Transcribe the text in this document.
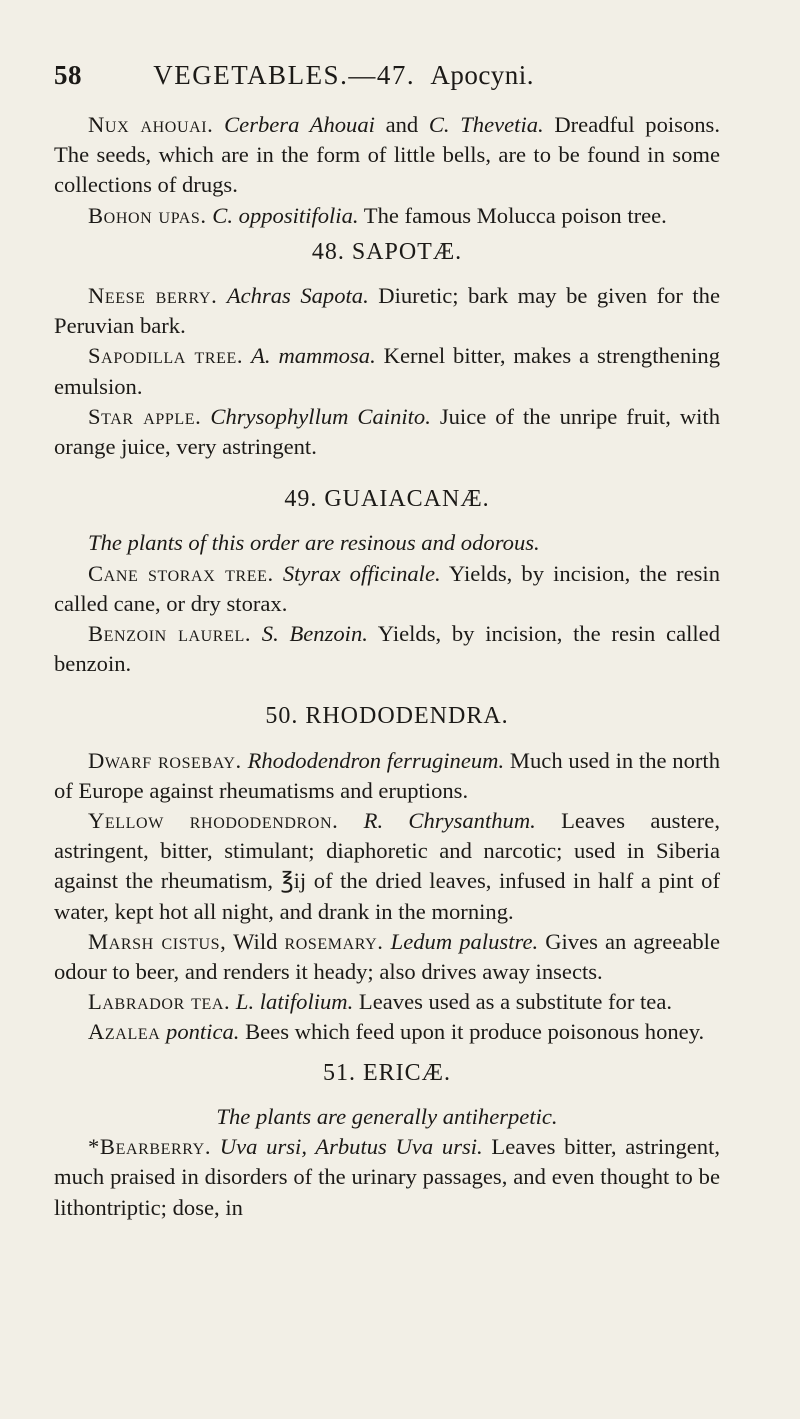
58	VEGETABLES.—47. Apocyni.

Nux ahouai. Cerbera Ahouai and C. Thevetia. Dreadful poisons. The seeds, which are in the form of little bells, are to be found in some collections of drugs.

Bohon upas. C. oppositifolia. The famous Molucca poison tree.

48. SAPOTÆ.

Neese berry. Achras Sapota. Diuretic; bark may be given for the Peruvian bark.

Sapodilla tree. A. mammosa. Kernel bitter, makes a strengthening emulsion.

Star apple. Chrysophyllum Cainito. Juice of the unripe fruit, with orange juice, very astringent.

49. GUAIACANÆ.

The plants of this order are resinous and odorous.

Cane storax tree. Styrax officinale. Yields, by incision, the resin called cane, or dry storax.

Benzoin laurel. S. Benzoin. Yields, by incision, the resin called benzoin.

50. RHODODENDRA.

Dwarf rosebay. Rhododendron ferrugineum. Much used in the north of Europe against rheumatisms and eruptions.

Yellow rhododendron. R. Chrysanthum. Leaves austere, astringent, bitter, stimulant; diaphoretic and narcotic; used in Siberia against the rheumatism, ℥ij of the dried leaves, infused in half a pint of water, kept hot all night, and drank in the morning.

Marsh cistus, Wild rosemary. Ledum palustre. Gives an agreeable odour to beer, and renders it heady; also drives away insects.

Labrador tea. L. latifolium. Leaves used as a substitute for tea.

Azalea pontica. Bees which feed upon it produce poisonous honey.

51. ERICÆ.

The plants are generally antiherpetic.

*Bearberry. Uva ursi, Arbutus Uva ursi. Leaves bitter, astringent, much praised in disorders of the urinary passages, and even thought to be lithontriptic; dose, in
